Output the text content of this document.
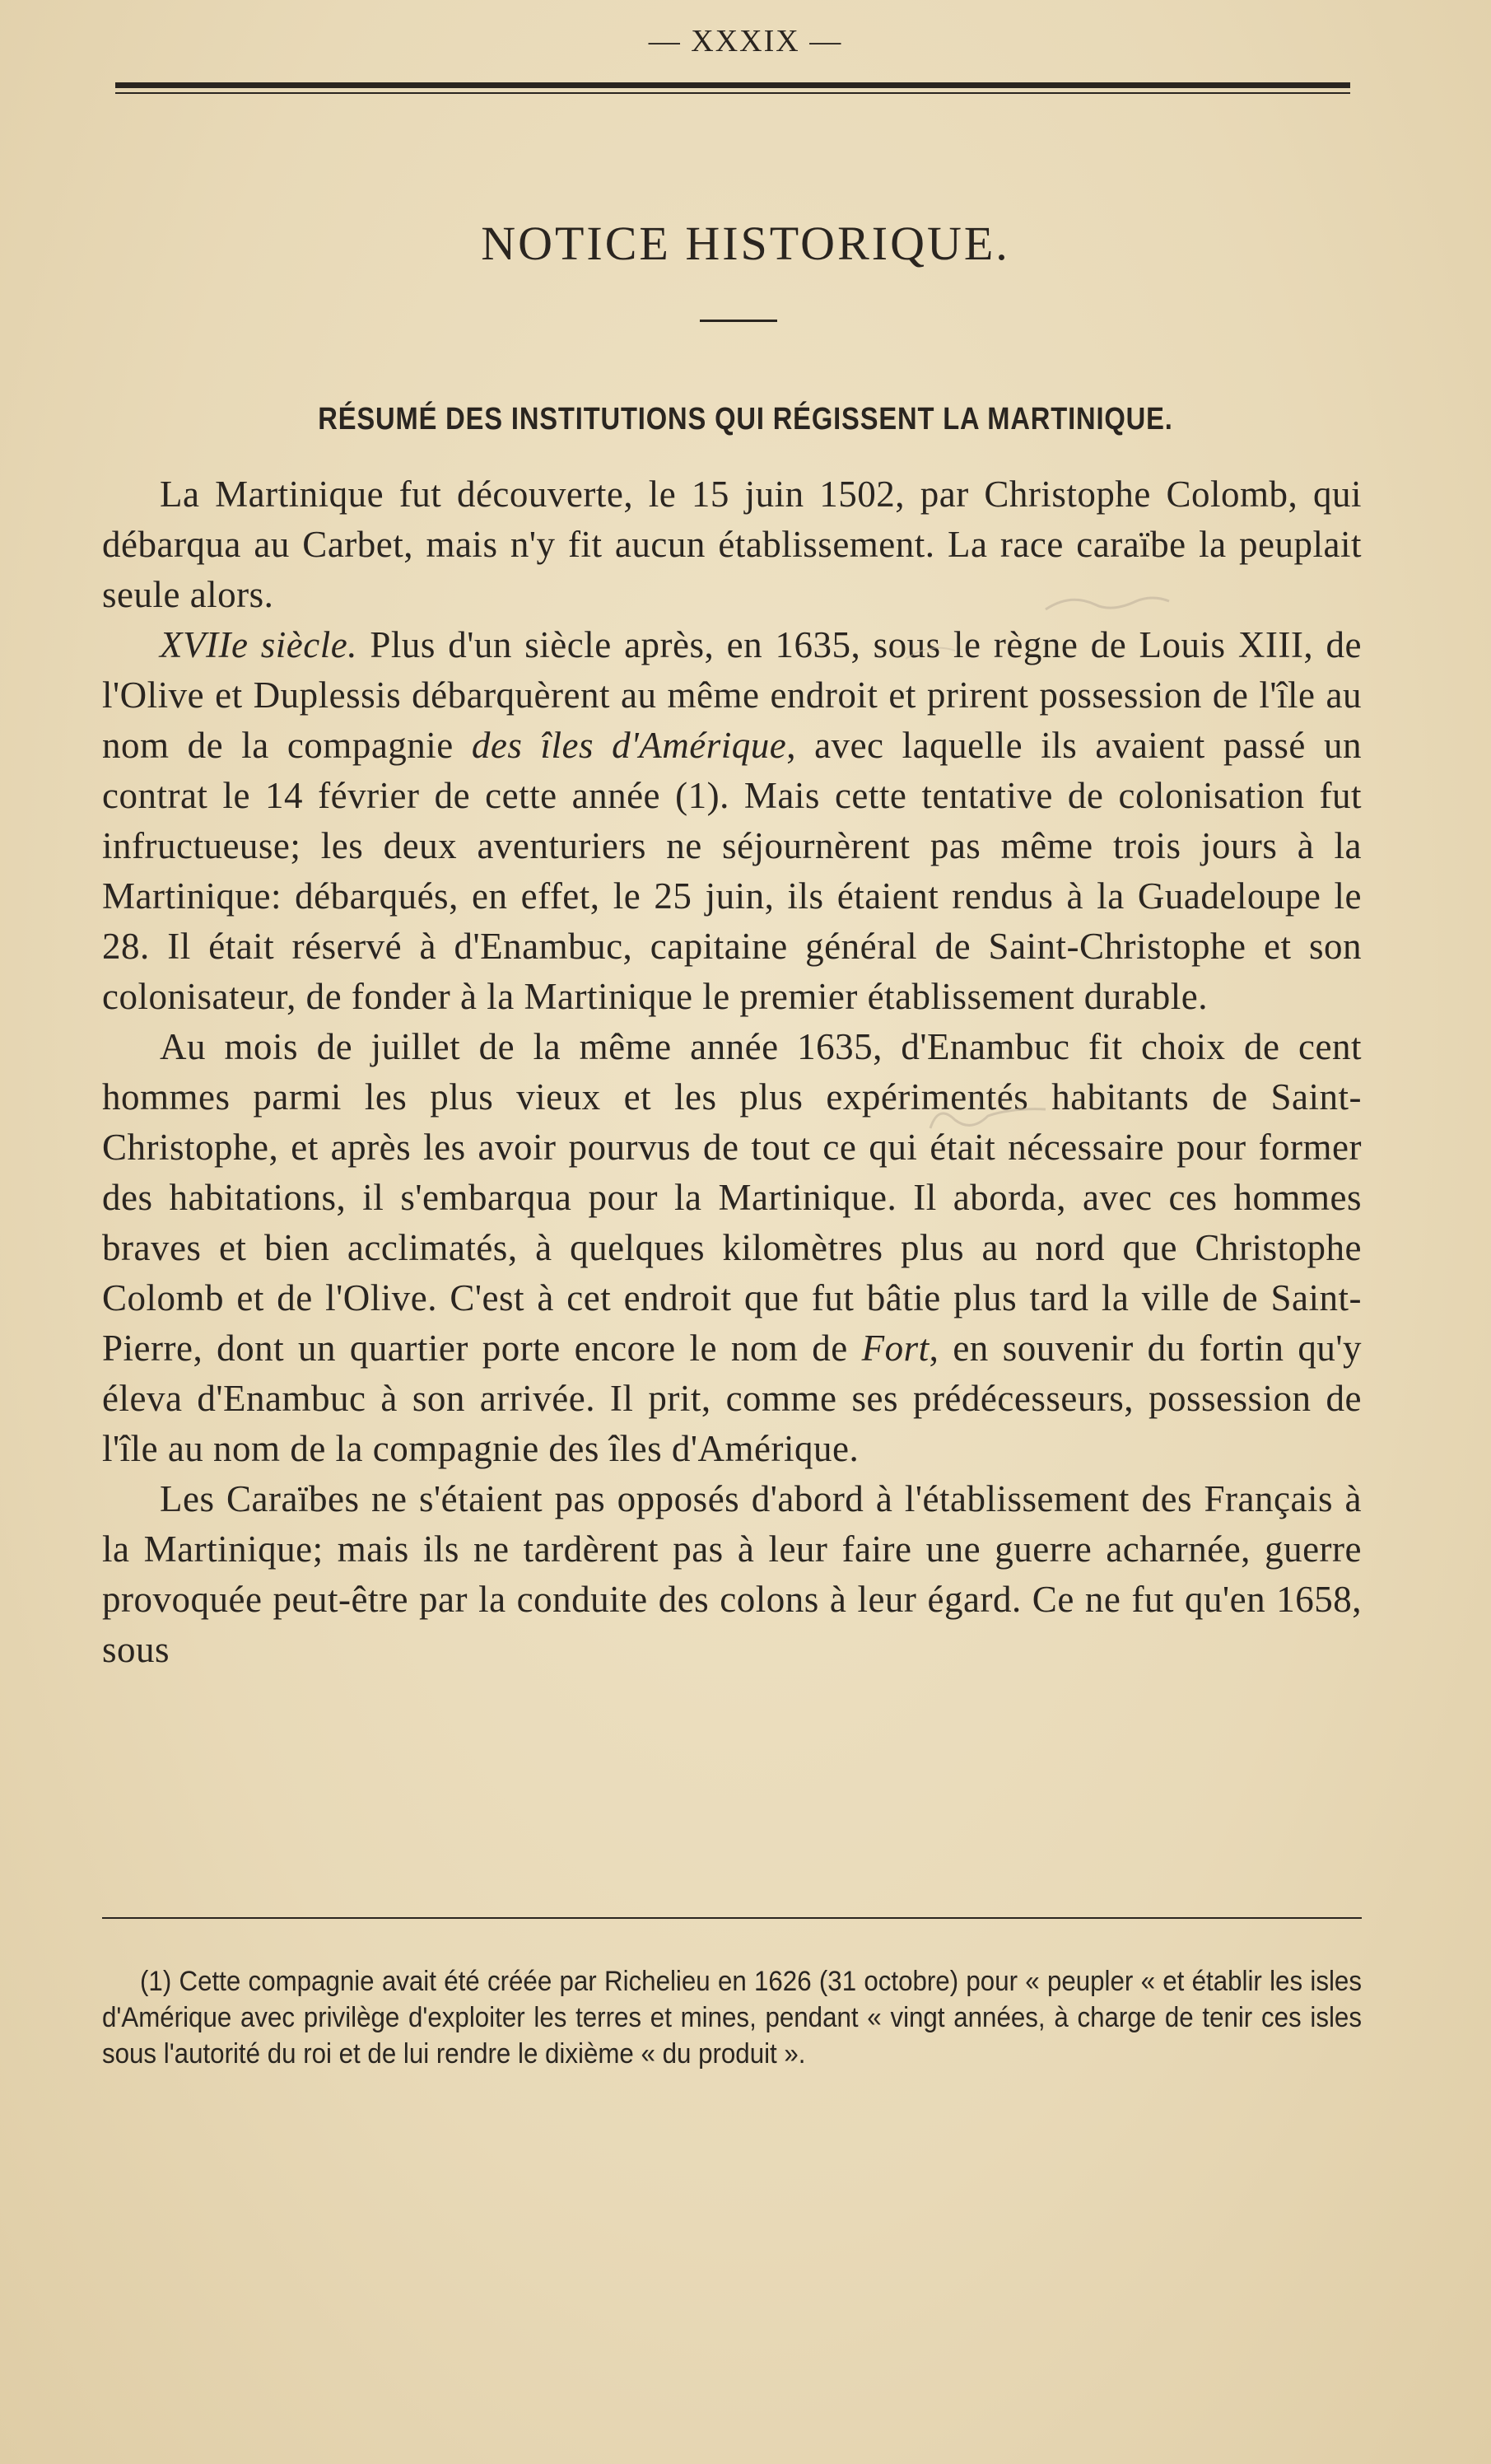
— XXXIX —
NOTICE HISTORIQUE.
RÉSUMÉ DES INSTITUTIONS QUI RÉGISSENT LA MARTINIQUE.

La Martinique fut découverte, le 15 juin 1502, par Christophe Colomb, qui débarqua au Carbet, mais n'y fit aucun établissement. La race caraïbe la peuplait seule alors.

XVIIe siècle. Plus d'un siècle après, en 1635, sous le règne de Louis XIII, de l'Olive et Duplessis débarquèrent au même endroit et prirent possession de l'île au nom de la compagnie des îles d'Amérique, avec laquelle ils avaient passé un contrat le 14 février de cette année (1). Mais cette tentative de colonisation fut infructueuse; les deux aventuriers ne séjournèrent pas même trois jours à la Martinique: débarqués, en effet, le 25 juin, ils étaient rendus à la Guadeloupe le 28. Il était réservé à d'Enambuc, capitaine général de Saint-Christophe et son colonisateur, de fonder à la Martinique le premier établissement durable.

Au mois de juillet de la même année 1635, d'Enambuc fit choix de cent hommes parmi les plus vieux et les plus expérimentés habitants de Saint-Christophe, et après les avoir pourvus de tout ce qui était nécessaire pour former des habitations, il s'embarqua pour la Martinique. Il aborda, avec ces hommes braves et bien acclimatés, à quelques kilomètres plus au nord que Christophe Colomb et de l'Olive. C'est à cet endroit que fut bâtie plus tard la ville de Saint-Pierre, dont un quartier porte encore le nom de Fort, en souvenir du fortin qu'y éleva d'Enambuc à son arrivée. Il prit, comme ses prédécesseurs, possession de l'île au nom de la compagnie des îles d'Amérique.

Les Caraïbes ne s'étaient pas opposés d'abord à l'établissement des Français à la Martinique; mais ils ne tardèrent pas à leur faire une guerre acharnée, guerre provoquée peut-être par la conduite des colons à leur égard. Ce ne fut qu'en 1658, sous

(1) Cette compagnie avait été créée par Richelieu en 1626 (31 octobre) pour « peupler « et établir les isles d'Amérique avec privilège d'exploiter les terres et mines, pendant « vingt années, à charge de tenir ces isles sous l'autorité du roi et de lui rendre le dixième « du produit ».
